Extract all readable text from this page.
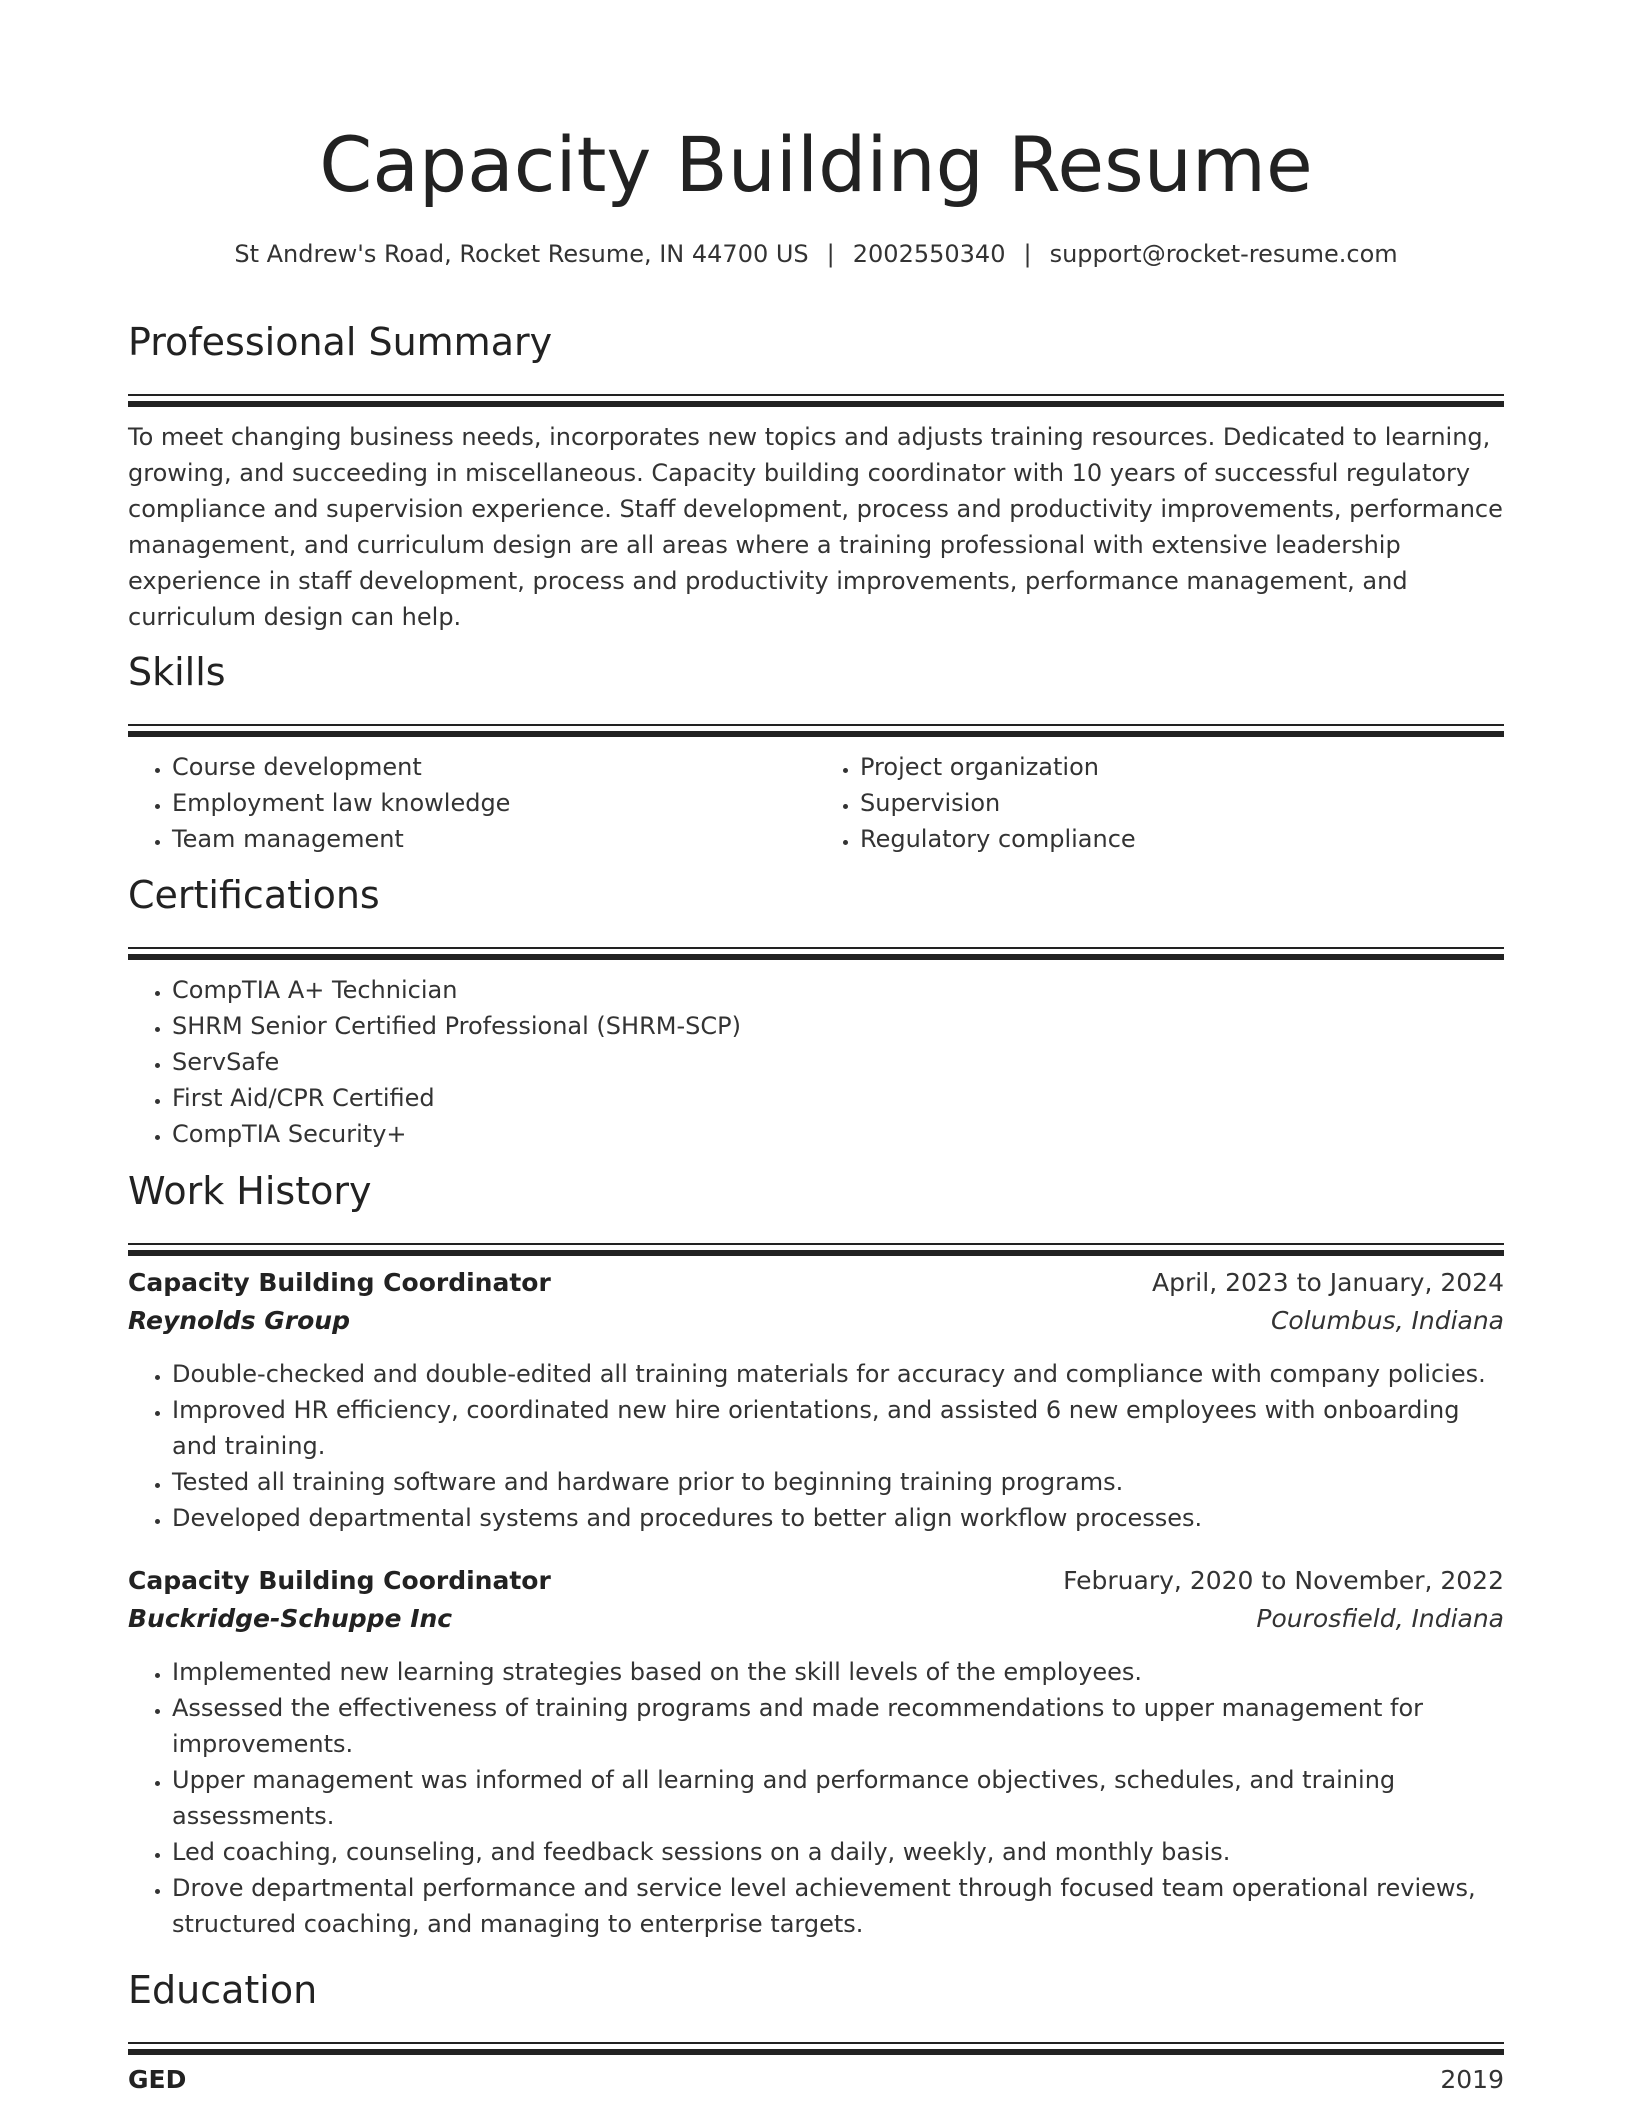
Capacity Building Resume
St Andrew's Road, Rocket Resume, IN 44700 US | 2002550340 | support@rocket-resume.com
Professional Summary
To meet changing business needs, incorporates new topics and adjusts training resources. Dedicated to learning, growing, and succeeding in miscellaneous. Capacity building coordinator with 10 years of successful regulatory compliance and supervision experience. Staff development, process and productivity improvements, performance management, and curriculum design are all areas where a training professional with extensive leadership experience in staff development, process and productivity improvements, performance management, and curriculum design can help.
Skills
• Course development
• Employment law knowledge
• Team management
• Project organization
• Supervision
• Regulatory compliance
Certifications
• CompTIA A+ Technician
• SHRM Senior Certified Professional (SHRM-SCP)
• ServSafe
• First Aid/CPR Certified
• CompTIA Security+
Work History
Capacity Building Coordinator	April, 2023 to January, 2024
Reynolds Group	Columbus, Indiana
• Double-checked and double-edited all training materials for accuracy and compliance with company policies.
• Improved HR efficiency, coordinated new hire orientations, and assisted 6 new employees with onboarding and training.
• Tested all training software and hardware prior to beginning training programs.
• Developed departmental systems and procedures to better align workflow processes.
Capacity Building Coordinator	February, 2020 to November, 2022
Buckridge-Schuppe Inc	Pourosfield, Indiana
• Implemented new learning strategies based on the skill levels of the employees.
• Assessed the effectiveness of training programs and made recommendations to upper management for improvements.
• Upper management was informed of all learning and performance objectives, schedules, and training assessments.
• Led coaching, counseling, and feedback sessions on a daily, weekly, and monthly basis.
• Drove departmental performance and service level achievement through focused team operational reviews, structured coaching, and managing to enterprise targets.
Education
GED	2019
